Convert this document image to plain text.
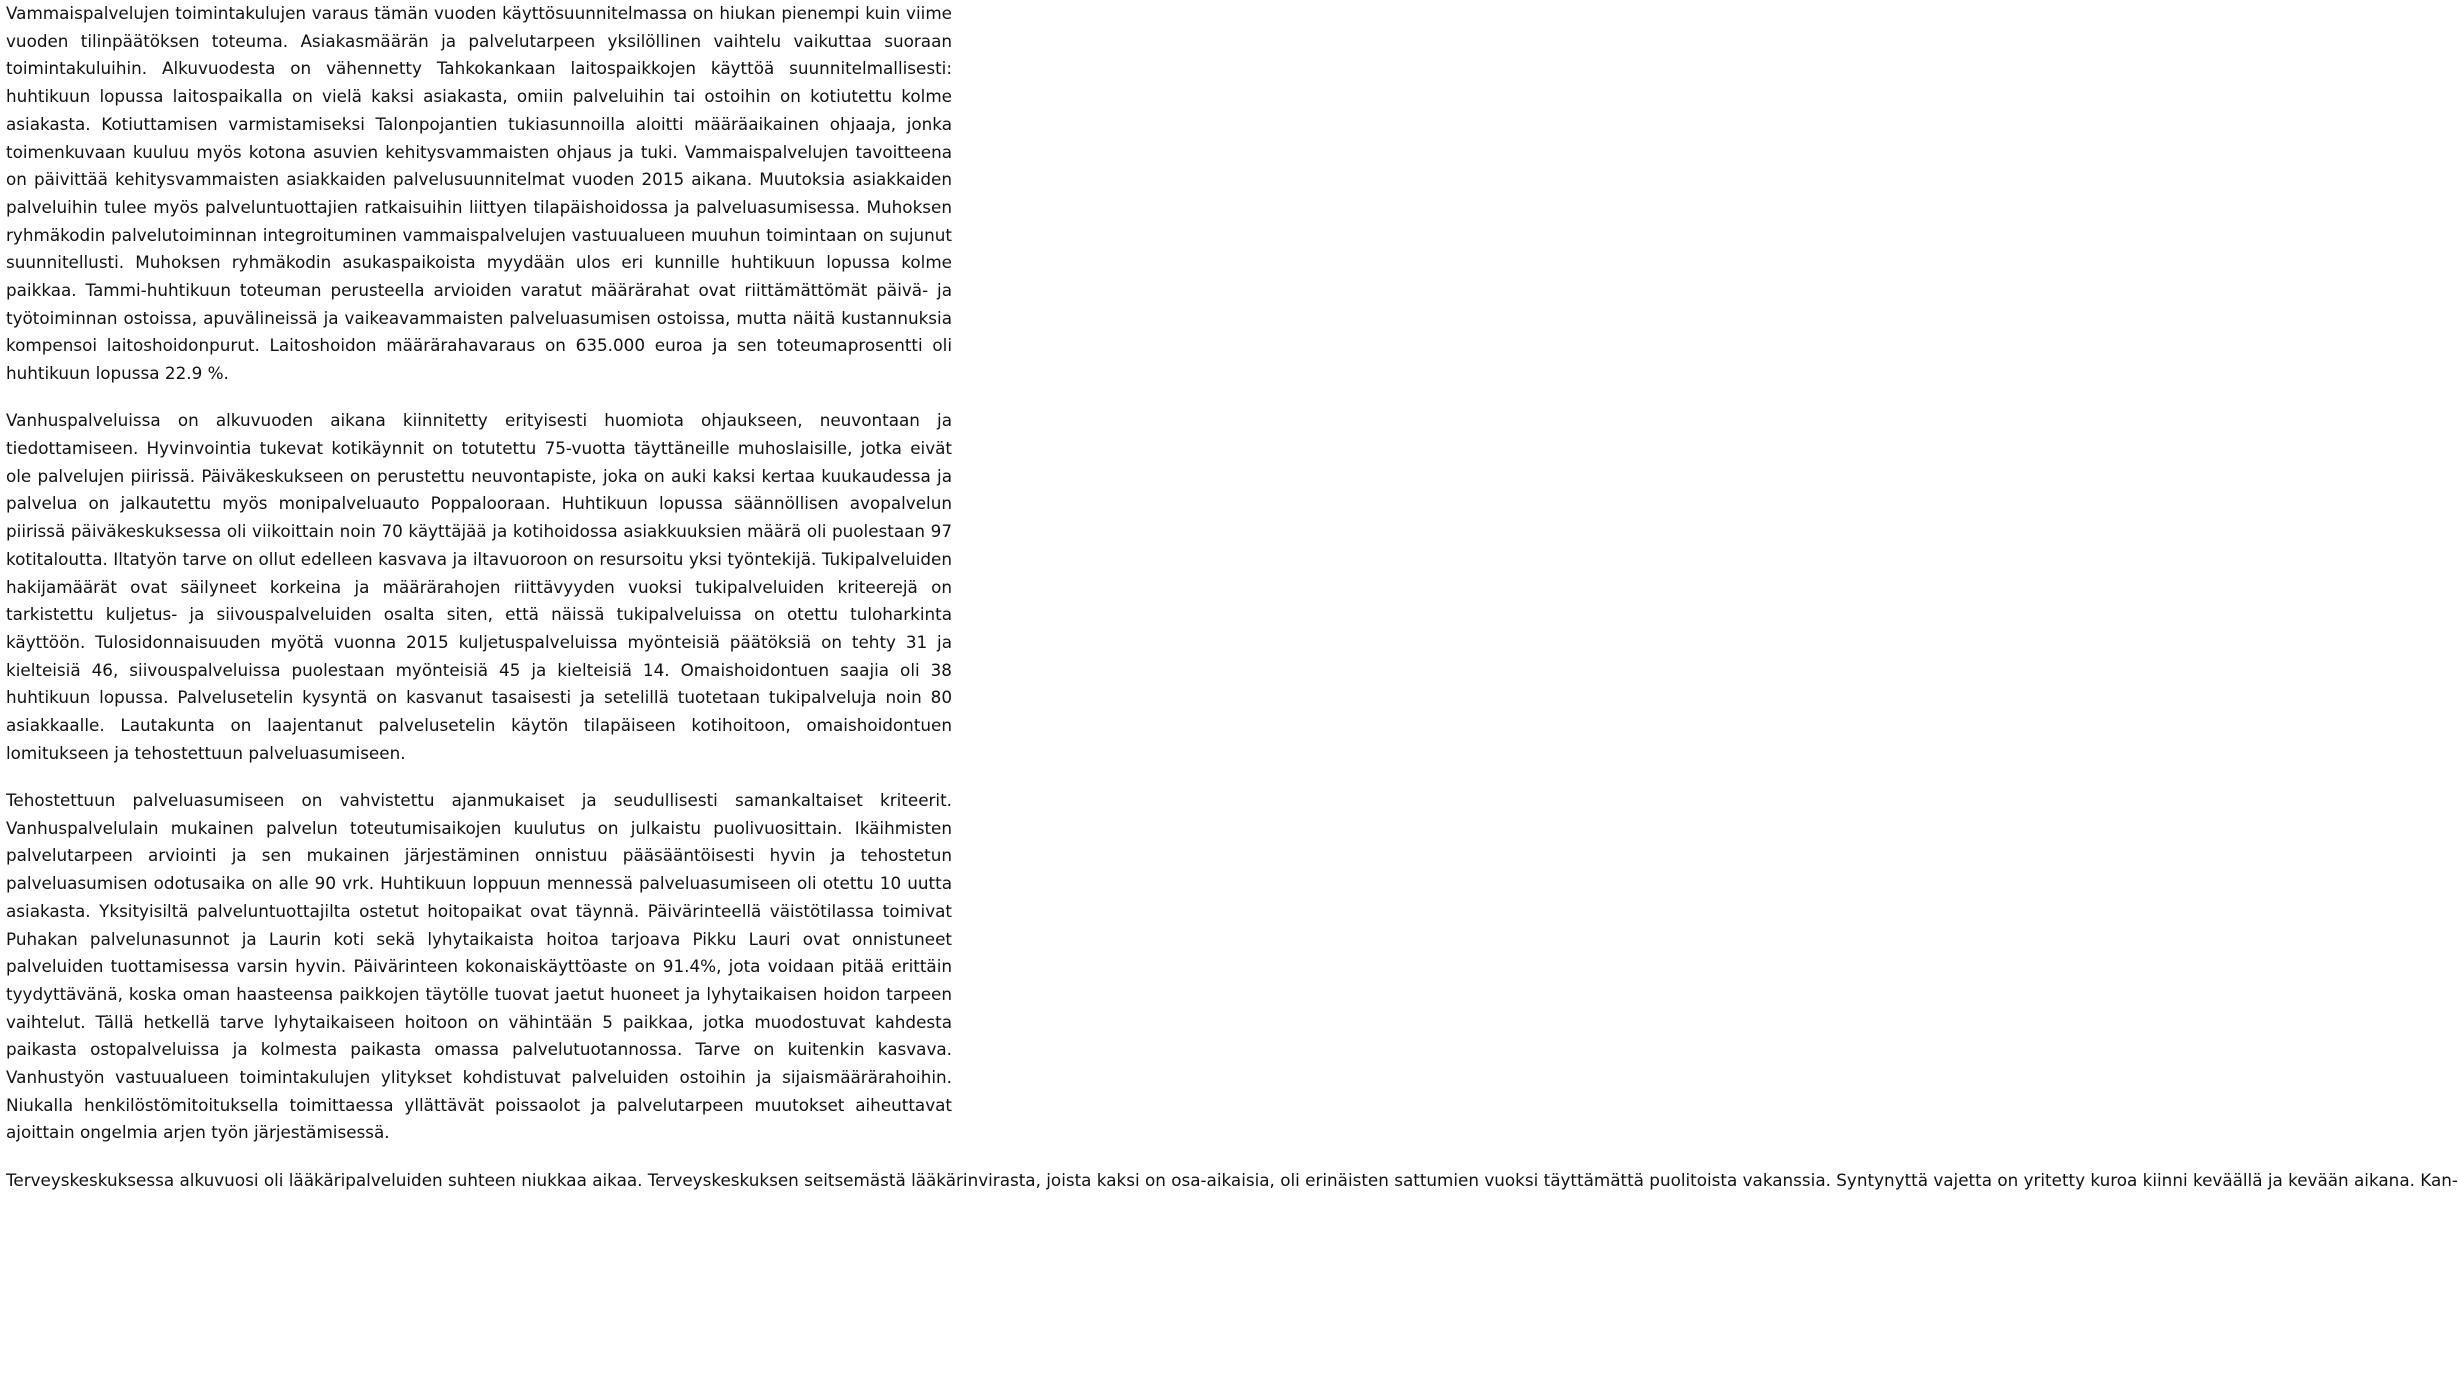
Vammaispalvelujen toimintakulujen varaus tämän vuoden käyttösuunnitelmassa on hiukan pienempi kuin viime vuoden tilinpäätöksen toteuma. Asiakasmäärän ja palvelutarpeen yksilöllinen vaihtelu vaikuttaa suoraan toimintakuluihin. Alkuvuodesta on vähennetty Tahkokankaan laitospaikkojen käyttöä suunnitelmallisesti: huhtikuun lopussa laitospaikalla on vielä kaksi asiakasta, omiin palveluihin tai ostoihin on kotiutettu kolme asiakasta. Kotiuttamisen varmistamiseksi Talonpojantien tukiasunnoilla aloitti määräaikainen ohjaaja, jonka toimenkuvaan kuuluu myös kotona asuvien kehitysvammaisten ohjaus ja tuki. Vammaispalvelujen tavoitteena on päivittää kehitysvammaisten asiakkaiden palvelusuunnitelmat vuoden 2015 aikana. Muutoksia asiakkaiden palveluihin tulee myös palveluntuottajien ratkaisuihin liittyen tilapäishoidossa ja palveluasumisessa. Muhoksen ryhmäkodin palvelutoiminnan integroituminen vammaispalvelujen vastuualueen muuhun toimintaan on sujunut suunnitellusti. Muhoksen ryhmäkodin asukaspaikoista myydään ulos eri kunnille huhtikuun lopussa kolme paikkaa. Tammi-huhtikuun toteuman perusteella arvioiden varatut määrärahat ovat riittämättömät päivä- ja työtoiminnan ostoissa, apuvälineissä ja vaikeavammaisten palveluasumisen ostoissa, mutta näitä kustannuksia kompensoi laitoshoidonpurut. Laitoshoidon määrärahavaraus on 635.000 euroa ja sen toteumaprosentti oli huhtikuun lopussa 22.9 %.

Vanhuspalveluissa on alkuvuoden aikana kiinnitetty erityisesti huomiota ohjaukseen, neuvontaan ja tiedottamiseen. Hyvinvointia tukevat kotikäynnit on totutettu 75-vuotta täyttäneille muhoslaisille, jotka eivät ole palvelujen piirissä. Päiväkeskukseen on perustettu neuvontapiste, joka on auki kaksi kertaa kuukaudessa ja palvelua on jalkautettu myös monipalveluauto Poppalooraan. Huhtikuun lopussa säännöllisen avopalvelun piirissä päiväkeskuksessa oli viikoittain noin 70 käyttäjää ja kotihoidossa asiakkuuksien määrä oli puolestaan 97 kotitaloutta. Iltatyön tarve on ollut edelleen kasvava ja iltavuoroon on resursoitu yksi työntekijä. Tukipalveluiden hakijamäärät ovat säilyneet korkeina ja määrärahojen riittävyyden vuoksi tukipalveluiden kriteerejä on tarkistettu kuljetus- ja siivouspalveluiden osalta siten, että näissä tukipalveluissa on otettu tuloharkinta käyttöön. Tulosidonnaisuuden myötä vuonna 2015 kuljetuspalveluissa myönteisiä päätöksiä on tehty 31 ja kielteisiä 46, siivouspalveluissa puolestaan myönteisiä 45 ja kielteisiä 14. Omaishoidontuen saajia oli 38 huhtikuun lopussa. Palvelusetelin kysyntä on kasvanut tasaisesti ja setelillä tuotetaan tukipalveluja noin 80 asiakkaalle. Lautakunta on laajentanut palvelusetelin käytön tilapäiseen kotihoitoon, omaishoidontuen lomitukseen ja tehostettuun palveluasumiseen.

Tehostettuun palveluasumiseen on vahvistettu ajanmukaiset ja seudullisesti samankaltaiset kriteerit. Vanhuspalvelulain mukainen palvelun toteutumisaikojen kuulutus on julkaistu puolivuosittain. Ikäihmisten palvelutarpeen arviointi ja sen mukainen järjestäminen onnistuu pääsääntöisesti hyvin ja tehostetun palveluasumisen odotusaika on alle 90 vrk. Huhtikuun loppuun mennessä palveluasumiseen oli otettu 10 uutta asiakasta. Yksityisiltä palveluntuottajilta ostetut hoitopaikat ovat täynnä. Päivärinteellä väistötilassa toimivat Puhakan palvelunasunnot ja Laurin koti sekä lyhytaikaista hoitoa tarjoava Pikku Lauri ovat onnistuneet palveluiden tuottamisessa varsin hyvin. Päivärinteen kokonaiskäyttöaste on 91.4%, jota voidaan pitää erittäin tyydyttävänä, koska oman haasteensa paikkojen täytölle tuovat jaetut huoneet ja lyhytaikaisen hoidon tarpeen vaihtelut. Tällä hetkellä tarve lyhytaikaiseen hoitoon on vähintään 5 paikkaa, jotka muodostuvat kahdesta paikasta ostopalveluissa ja kolmesta paikasta omassa palvelutuotannossa. Tarve on kuitenkin kasvava. Vanhustyön vastuualueen toimintakulujen ylitykset kohdistuvat palveluiden ostoihin ja sijaismäärärahoihin. Niukalla henkilöstömitoituksella toimittaessa yllättävät poissaolot ja palvelutarpeen muutokset aiheuttavat ajoittain ongelmia arjen työn järjestämisessä.

Terveyskeskuksessa alkuvuosi oli lääkäripalveluiden suhteen niukkaa aikaa. Terveyskeskuksen seitsemästä lääkärinvirasta, joista kaksi on osa-aikaisia, oli erinäisten sattumien vuoksi täyttämättä puolitoista vakanssia. Syntynyttä vajetta on yritetty kuroa kiinni keväällä ja kevään aikana. Kan-
